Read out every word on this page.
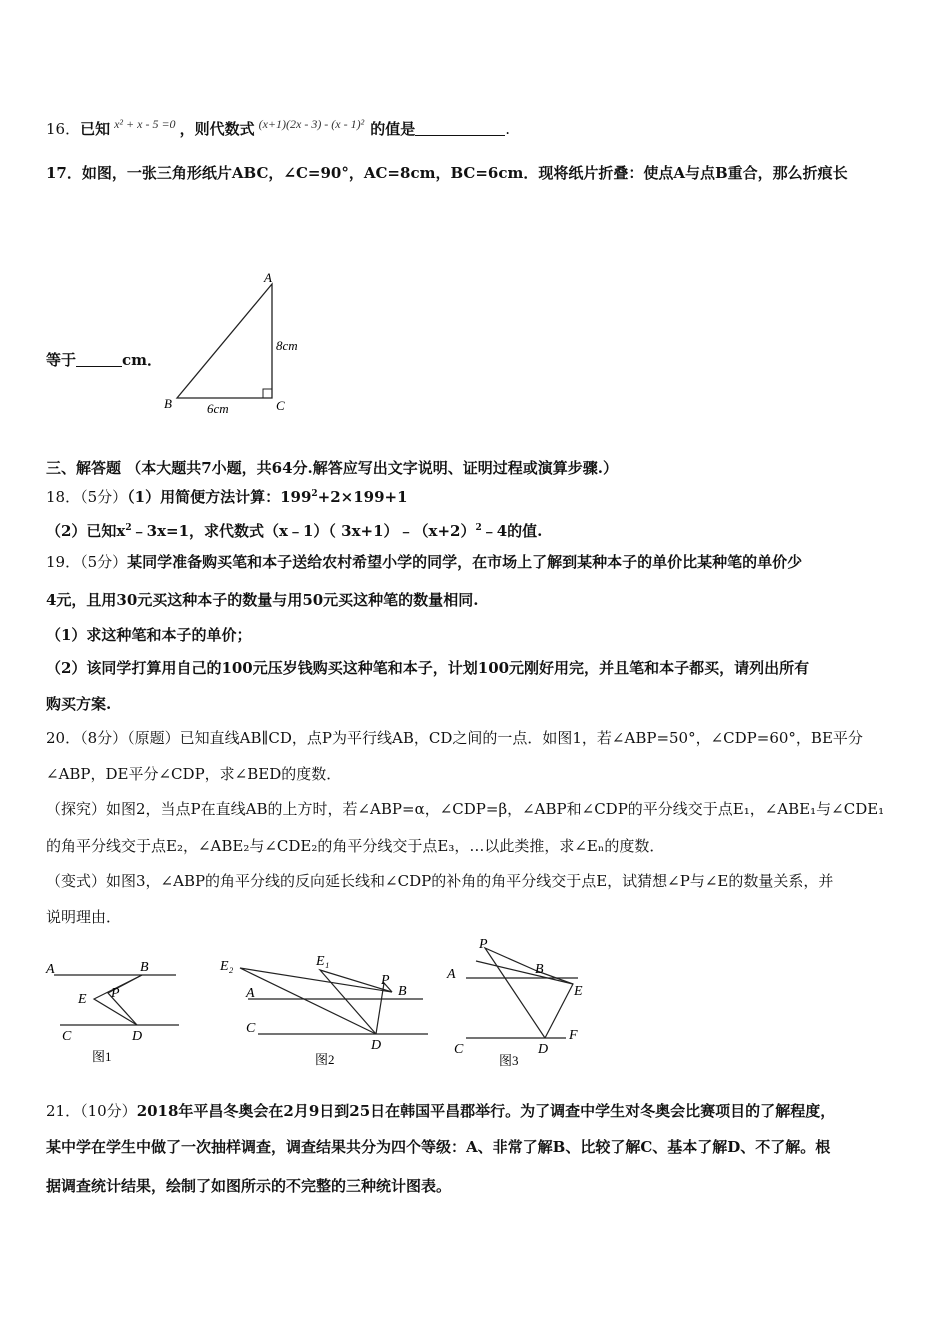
16．已知 $^{x^2 + x - 5 =0}$ ，则代数式 $^{(x+1)(2x - 3) - (x - 1)^2}$ 的值是	.
17．如图，一张三角形纸片ABC，∠C=90°，AC=8cm，BC=6cm．现将纸片折叠：使点A与点B重合，那么折痕长
等于	cm．
A
B	C
8cm
6cm
三、解答题 （本大题共7小题，共64分.解答应写出文字说明、证明过程或演算步骤.）
18．（5分）（1）用简便方法计算：$199^2+2\times 199+1$
（2）已知$x^2﹣3x=1$，求代数式（x﹣1）（ $3x+1)﹣(x+2)^2﹣4$的值.
19．（5分）某同学准备购买笔和本子送给农村希望小学的同学，在市场上了解到某种本子的单价比某种笔的单价少
4元，且用30元买这种本子的数量与用50元买这种笔的数量相同.
（1）求这种笔和本子的单价；
（2）该同学打算用自己的100元压岁钱购买这种笔和本子，计划100元刚好用完，并且笔和本子都买，请列出所有
购买方案.
20．（8分）（原题）已知直线AB∥CD，点P为平行线AB，CD之间的一点．如图1，若∠ABP=50°，∠CDP=60°，BE平分
∠ABP，DE平分∠CDP，求∠BED的度数．
（探究）如图2，当点P在直线AB的上方时，若∠ABP=α，∠CDP=β，∠ABP和∠CDP的平分线交于点E₁，∠ABE₁与∠CDE₁
的角平分线交于点E₂，∠ABE₂与∠CDE₂的角平分线交于点E₃，…以此类推，求∠Eₙ的度数．
（变式）如图3，∠ABP的角平分线的反向延长线和∠CDP的补角的角平分线交于点E，试猜想∠P与∠E的数量关系，并
说明理由．
A	B
E P
C	D
图1
E₂	E₁
P
B
A
C
D
图2
P
A	B
E
F
C	D
图3
21．（10分）2018年平昌冬奥会在2月9日到25日在韩国平昌郡举行。为了调查中学生对冬奥会比赛项目的了解程度，
某中学在学生中做了一次抽样调查，调查结果共分为四个等级：A、非常了解B、比较了解C、基本了解D、不了解。根
据调查统计结果，绘制了如图所示的不完整的三种统计图表。
